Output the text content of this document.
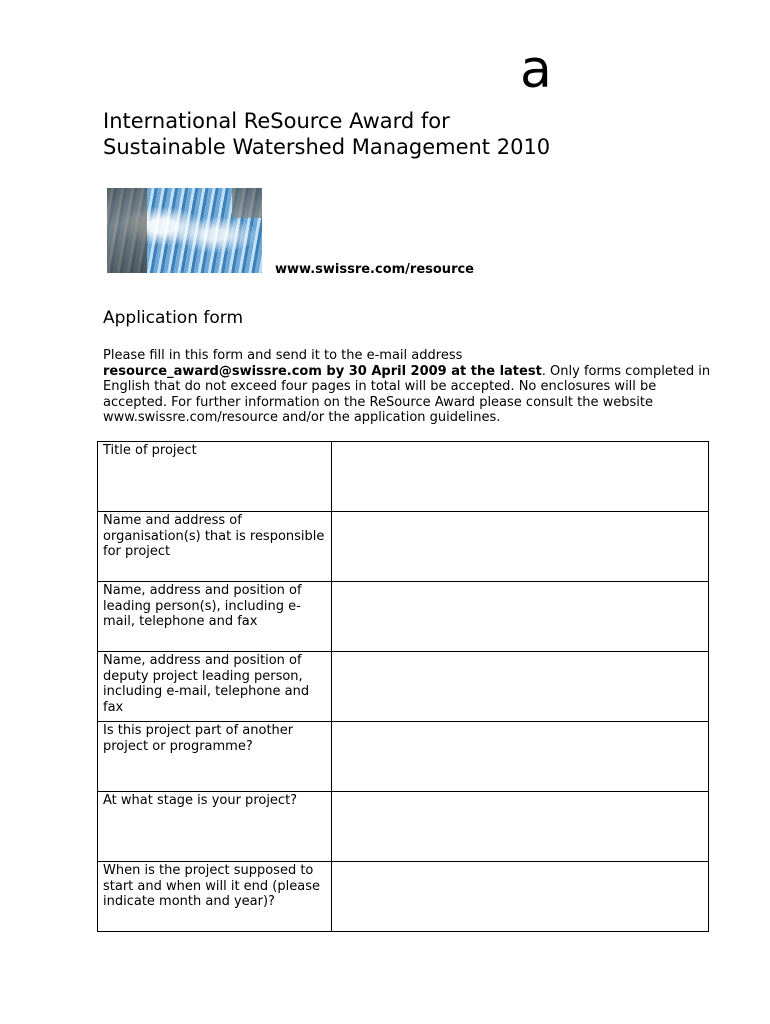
a
International ReSource Award for
Sustainable Watershed Management 2010
www.swissre.com/resource
Application form

Please fill in this form and send it to the e-mail address
resource_award@swissre.com by 30 April 2009 at the latest. Only forms completed in English that do not exceed four pages in total will be accepted. No enclosures will be accepted. For further information on the ReSource Award please consult the website www.swissre.com/resource and/or the application guidelines.

Title of project	
Name and address of organisation(s) that is responsible for project	
Name, address and position of leading person(s), including e-mail, telephone and fax	
Name, address and position of deputy project leading person, including e-mail, telephone and fax	
Is this project part of another project or programme?	
At what stage is your project?	
When is the project supposed to start and when will it end (please indicate month and year)?	
